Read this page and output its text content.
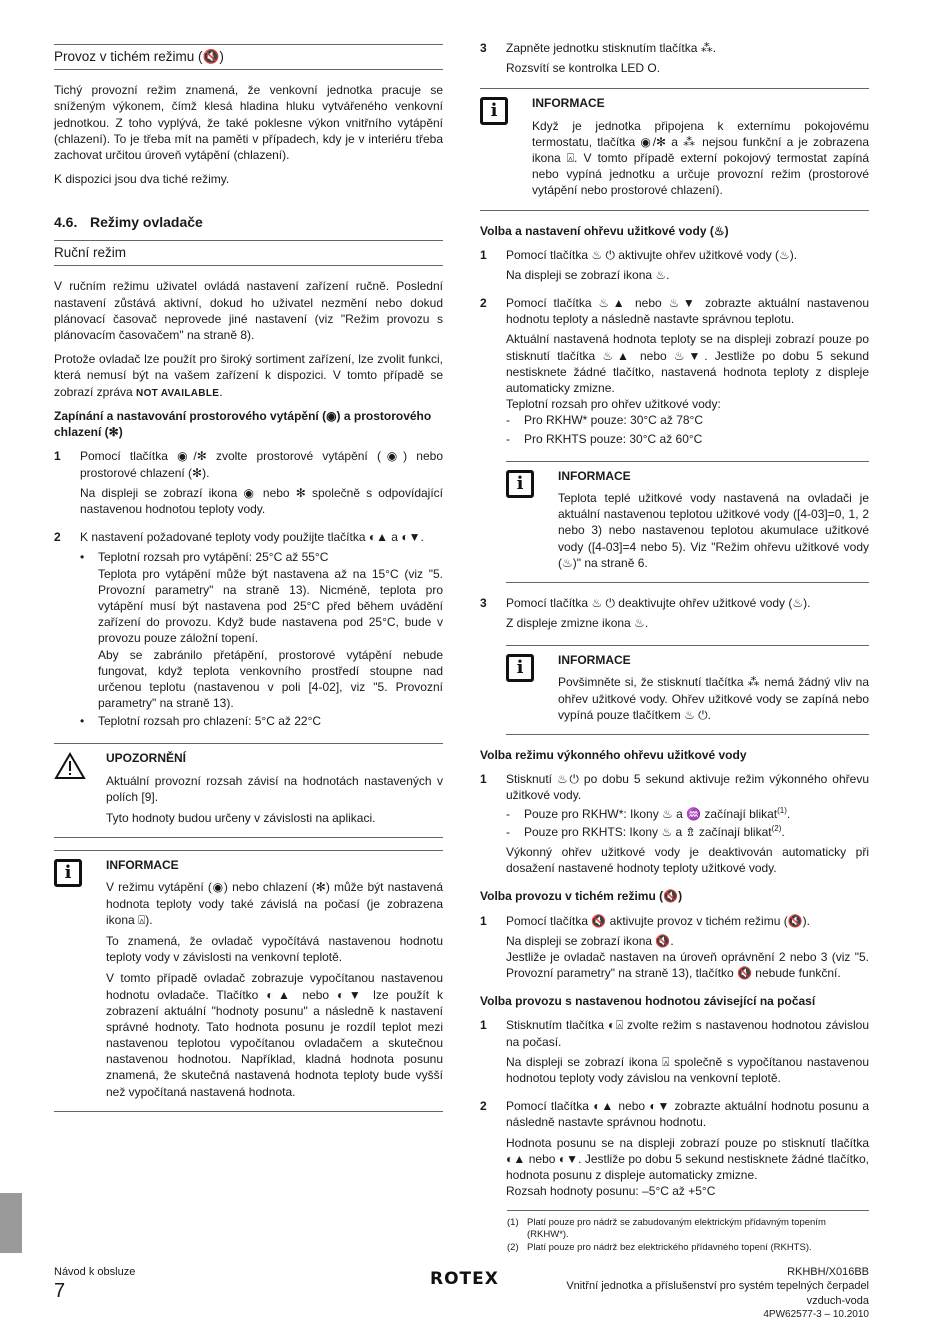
Provoz v tichém režimu (🔇)

Tichý provozní režim znamená, že venkovní jednotka pracuje se sníženým výkonem, čímž klesá hladina hluku vytvářeného venkovní jednotkou. Z toho vyplývá, že také poklesne výkon vnitřního vytápění (chlazení). To je třeba mít na paměti v případech, kdy je v interiéru třeba zachovat určitou úroveň vytápění (chlazení).

K dispozici jsou dva tiché režimy.

4.6. Režimy ovladače
Ruční režim

V ručním režimu uživatel ovládá nastavení zařízení ručně. Poslední nastavení zůstává aktivní, dokud ho uživatel nezmění nebo dokud plánovací časovač neprovede jiné nastavení (viz "Režim provozu s plánovacím časovačem" na straně 8).

Protože ovladač lze použít pro široký sortiment zařízení, lze zvolit funkci, která nemusí být na vašem zařízení k dispozici. V tomto případě se zobrazí zpráva NOT AVAILABLE.

Zapínání a nastavování prostorového vytápění (◉) a prostorového chlazení (✻)
1	Pomocí tlačítka ◉/✻ zvolte prostorové vytápění (◉) nebo prostorové chlazení (✻).

Na displeji se zobrazí ikona ◉ nebo ✻ společně s odpovídající nastavenou hodnotou teploty vody.

2	K nastavení požadované teploty vody použijte tlačítka ◐▲ a ◐▼.

•	Teplotní rozsah pro vytápění: 25°C až 55°C
Teplota pro vytápění může být nastavena až na 15°C (viz "5. Provozní parametry" na straně 13). Nicméně, teplota pro vytápění musí být nastavena pod 25°C před během uvádění zařízení do provozu. Když bude nastavena pod 25°C, bude v provozu pouze záložní topení.
Aby se zabránilo přetápění, prostorové vytápění nebude fungovat, když teplota venkovního prostředí stoupne nad určenou teplotu (nastavenou v poli [4-02], viz "5. Provozní parametry" na straně 13).
•	Teplotní rozsah pro chlazení: 5°C až 22°C
UPOZORNĚNÍ

Aktuální provozní rozsah závisí na hodnotách nastavených v polích [9].

Tyto hodnoty budou určeny v závislosti na aplikaci.

i	INFORMACE

V režimu vytápění (◉) nebo chlazení (✻) může být nastavená hodnota teploty vody také závislá na počasí (je zobrazena ikona ⍓).

To znamená, že ovladač vypočítává nastavenou hodnotu teploty vody v závislosti na venkovní teplotě.

V tomto případě ovladač zobrazuje vypočítanou nastavenou hodnotu ovladače. Tlačítko ◐▲ nebo ◐▼ lze použít k zobrazení aktuální "hodnoty posunu" a následně k nastavení správné hodnoty. Tato hodnota posunu je rozdíl teplot mezi nastavenou teplotou vypočítanou ovladačem a skutečnou nastavenou hodnotou. Například, kladná hodnota posunu znamená, že skutečná nastavená hodnota teploty bude vyšší než vypočítaná nastavená hodnota.

3	Zapněte jednotku stisknutím tlačítka ⁂.

Rozsvítí se kontrolka LED O.

i	INFORMACE

Když je jednotka připojena k externímu pokojovému termostatu, tlačítka ◉/✻ a ⁂ nejsou funkční a je zobrazena ikona ⍓. V tomto případě externí pokojový termostat zapíná nebo vypíná jednotku a určuje provozní režim (prostorové vytápění nebo prostorové chlazení).

Volba a nastavení ohřevu užitkové vody (♨)
1	Pomocí tlačítka ♨ ⏻ aktivujte ohřev užitkové vody (♨).

Na displeji se zobrazí ikona ♨.

2	Pomocí tlačítka ♨▲ nebo ♨▼ zobrazte aktuální nastavenou hodnotu teploty a následně nastavte správnou teplotu.

Aktuální nastavená hodnota teploty se na displeji zobrazí pouze po stisknutí tlačítka ♨▲ nebo ♨▼. Jestliže po dobu 5 sekund nestisknete žádné tlačítko, nastavená hodnota teploty z displeje automaticky zmizne.

Teplotní rozsah pro ohřev užitkové vody:

-	Pro RKHW* pouze: 30°C až 78°C
-	Pro RKHTS pouze: 30°C až 60°C
i	INFORMACE

Teplota teplé užitkové vody nastavená na ovladači je aktuální nastavenou teplotou užitkové vody ([4-03]=0, 1, 2 nebo 3) nebo nastavenou teplotou akumulace užitkové vody ([4-03]=4 nebo 5). Viz "Režim ohřevu užitkové vody (♨)" na straně 6.

3	Pomocí tlačítka ♨ ⏻ deaktivujte ohřev užitkové vody (♨).

Z displeje zmizne ikona ♨.

i	INFORMACE

Povšimněte si, že stisknutí tlačítka ⁂ nemá žádný vliv na ohřev užitkové vody. Ohřev užitkové vody se zapíná nebo vypíná pouze tlačítkem ♨ ⏻.

Volba režimu výkonného ohřevu užitkové vody
1	Stisknutí ♨⏻ po dobu 5 sekund aktivuje režim výkonného ohřevu užitkové vody.

-	Pouze pro RKHW*: Ikony ♨ a ♒ začínají blikat$^{(1)}$.
-	Pouze pro RKHTS: Ikony ♨ a ⇯ začínají blikat$^{(2)}$.

Výkonný ohřev užitkové vody je deaktivován automaticky při dosažení nastavené hodnoty teploty užitkové vody.

Volba provozu v tichém režimu (🔇)
1	Pomocí tlačítka 🔇 aktivujte provoz v tichém režimu (🔇).

Na displeji se zobrazí ikona 🔇.

Jestliže je ovladač nastaven na úroveň oprávnění 2 nebo 3 (viz "5. Provozní parametry" na straně 13), tlačítko 🔇 nebude funkční.

Volba provozu s nastavenou hodnotou závisející na počasí
1	Stisknutím tlačítka ◐⍓ zvolte režim s nastavenou hodnotou závislou na počasí.

Na displeji se zobrazí ikona ⍓ společně s vypočítanou nastavenou hodnotou teploty vody závislou na venkovní teplotě.

2	Pomocí tlačítka ◐▲ nebo ◐▼ zobrazte aktuální hodnotu posunu a následně nastavte správnou hodnotu.

Hodnota posunu se na displeji zobrazí pouze po stisknutí tlačítka ◐▲ nebo ◐▼. Jestliže po dobu 5 sekund nestisknete žádné tlačítko, hodnota posunu z displeje automaticky zmizne.

Rozsah hodnoty posunu: –5°C až +5°C

(1) Platí pouze pro nádrž se zabudovaným elektrickým přídavným topením (RKHW*).
(2) Platí pouze pro nádrž bez elektrického přídavného topení (RKHTS).
Návod k obsluze
7
ROTEX	RKHBH/X016BB
Vnitřní jednotka a příslušenství pro systém tepelných čerpadel
vzduch-voda
4PW62577-3 – 10.2010
